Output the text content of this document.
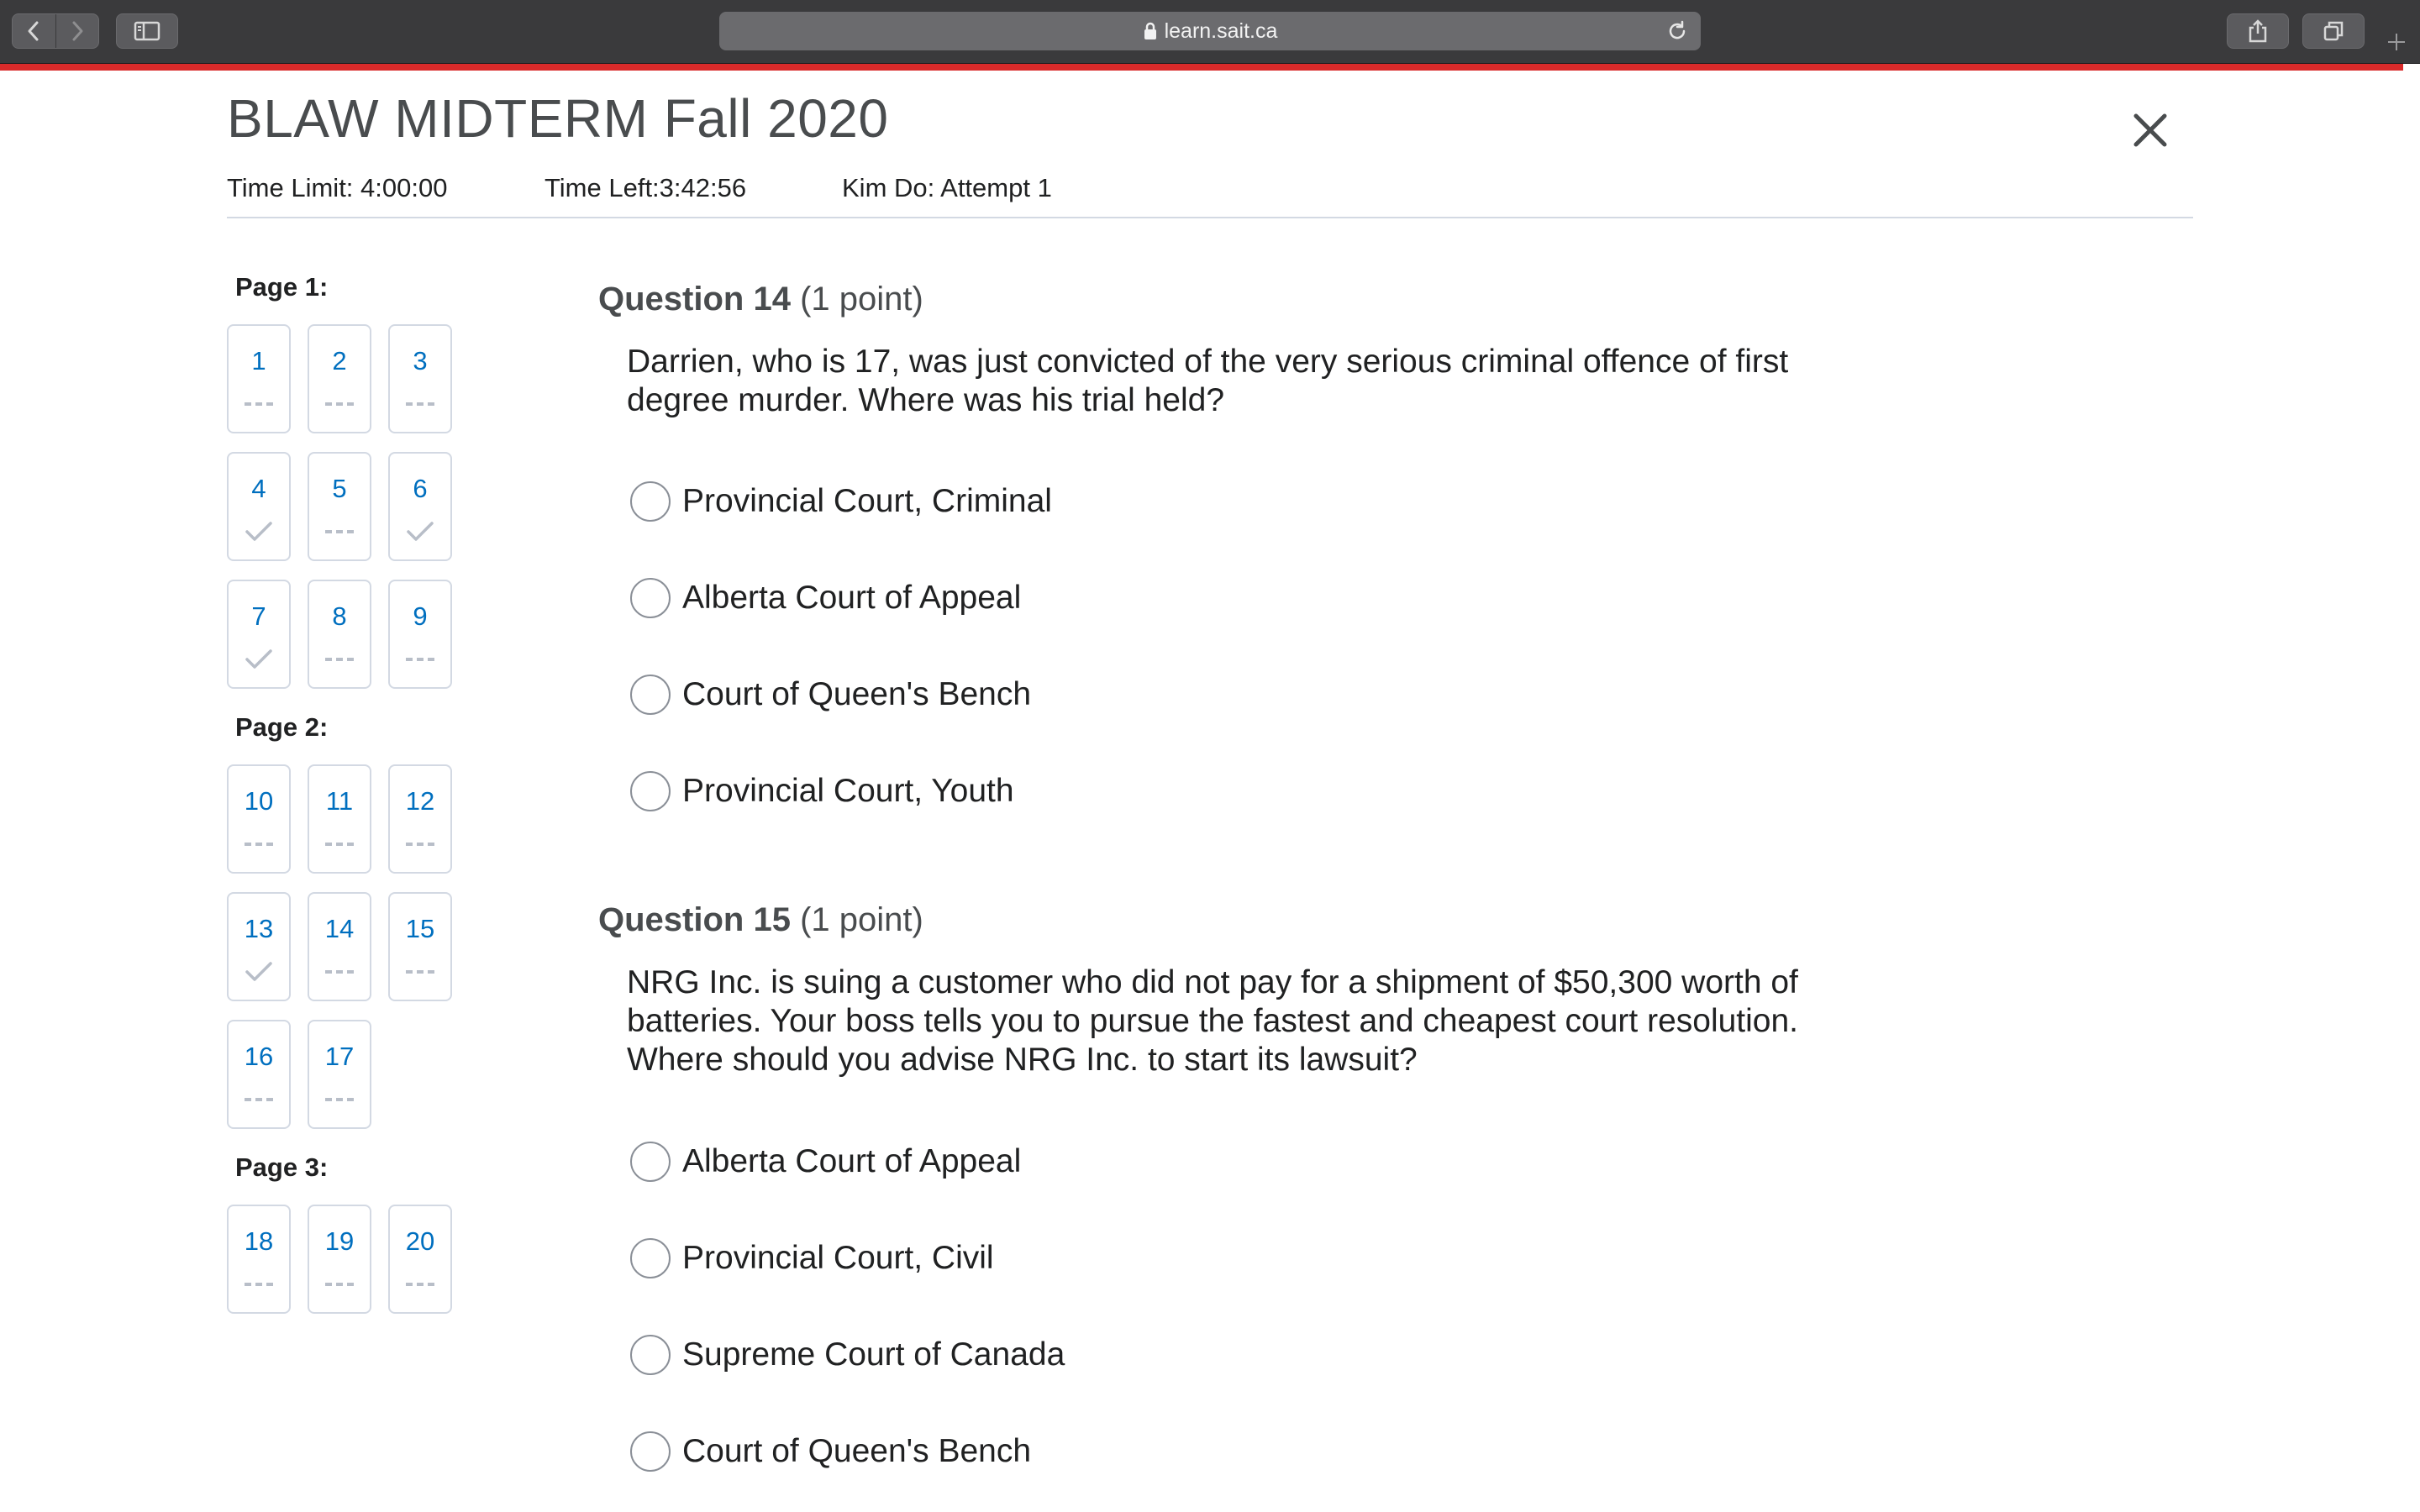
learn.sait.ca
BLAW MIDTERM Fall 2020
Time Limit: 4:00:00	Time Left:3:42:56	Kim Do: Attempt 1
Page 1:
Page 2:
Page 3:
1	2	3
4	5	6
7	8	9
10	11	12
13	14	15
16	17
18	19	20
Question 14 (1 point)
Darrien, who is 17, was just convicted of the very serious criminal offence of first degree murder. Where was his trial held?
Provincial Court, Criminal
Alberta Court of Appeal
Court of Queen's Bench
Provincial Court, Youth
Question 15 (1 point)
NRG Inc. is suing a customer who did not pay for a shipment of $50,300 worth of batteries. Your boss tells you to pursue the fastest and cheapest court resolution. Where should you advise NRG Inc. to start its lawsuit?
Alberta Court of Appeal
Provincial Court, Civil
Supreme Court of Canada
Court of Queen's Bench
